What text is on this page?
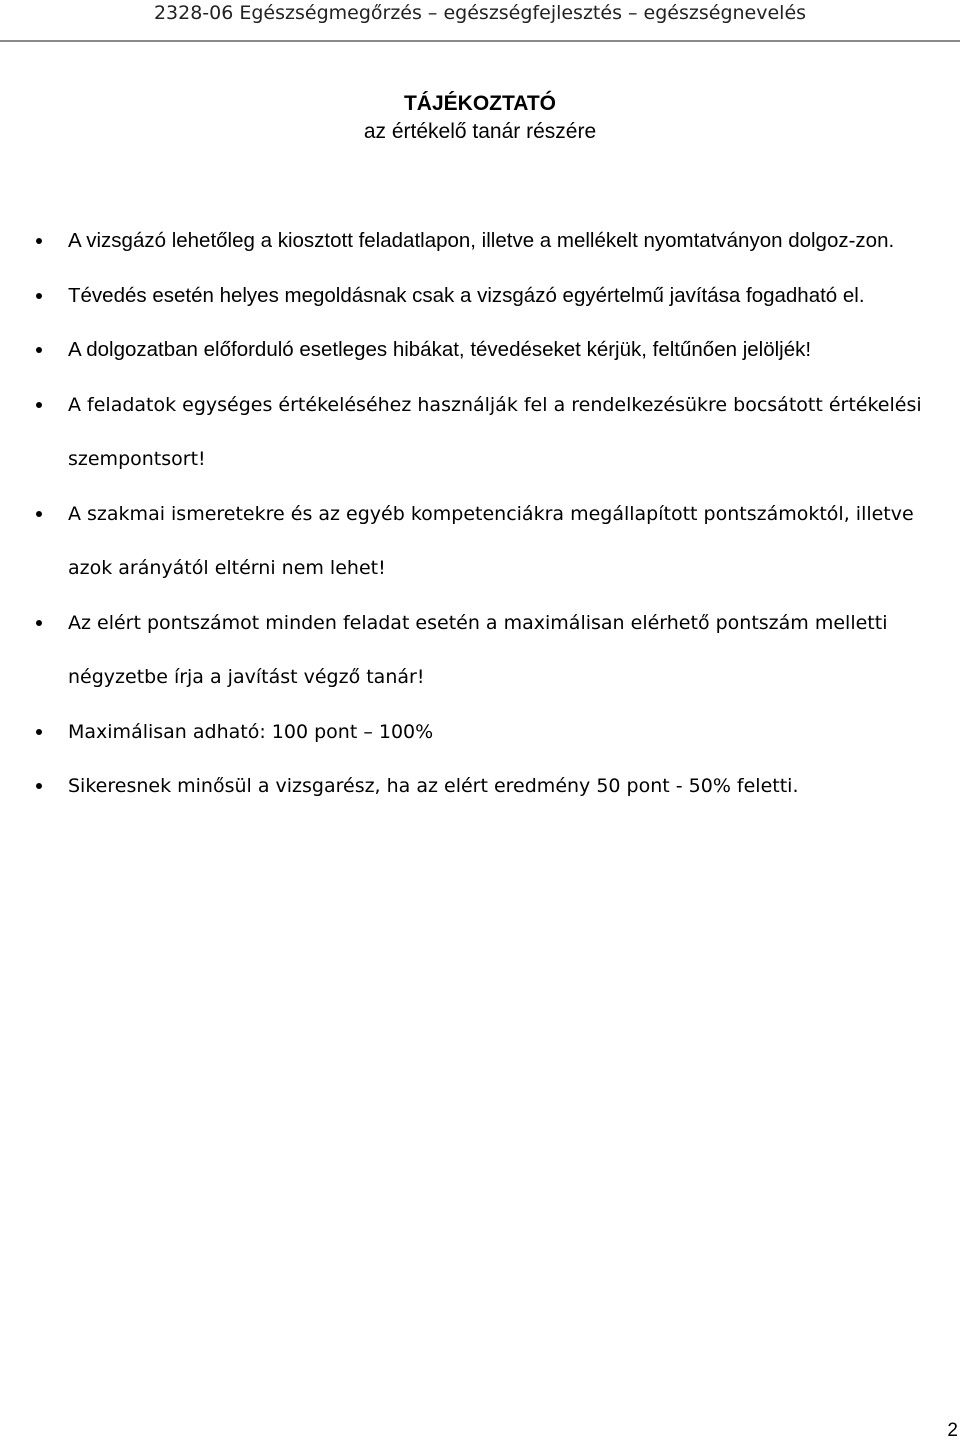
2328-06 Egészségmegőrzés – egészségfejlesztés – egészségnevelés
TÁJÉKOZTATÓ
az értékelő tanár részére
A vizsgázó lehetőleg a kiosztott feladatlapon, illetve a mellékelt nyomtatványon dolgoz-zon.
Tévedés esetén helyes megoldásnak csak a vizsgázó egyértelmű javítása fogadható el.
A dolgozatban előforduló esetleges hibákat, tévedéseket kérjük, feltűnően jelöljék!
A feladatok egységes értékeléséhez használják fel a rendelkezésükre bocsátott értékelési szempontsort!
A szakmai ismeretekre és az egyéb kompetenciákra megállapított pontszámoktól, illetve azok arányától eltérni nem lehet!
Az elért pontszámot minden feladat esetén a maximálisan elérhető pontszám melletti négyzetbe írja a javítást végző tanár!
Maximálisan adható: 100 pont – 100%
Sikeresnek minősül a vizsgarész, ha az elért eredmény 50 pont - 50% feletti.
2
